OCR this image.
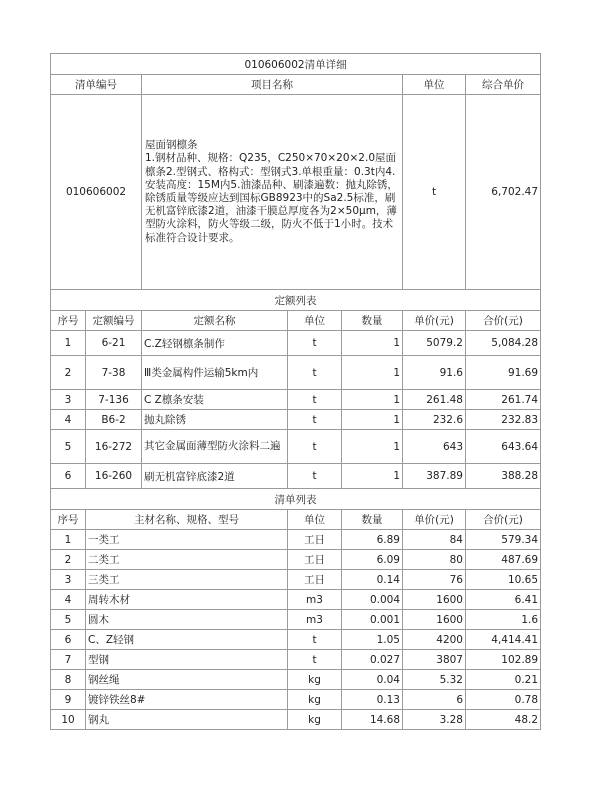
010606002清单详细						
清单编号		项目名称			单位	综合单价
010606002		屋面钢檩条
1.钢材品种、规格：Q235，C250×70×20×2.0屋面檩条2.型钢式、格构式：型钢式3.单根重量：0.3t内4.安装高度：15M内5.油漆品种、刷漆遍数：抛丸除锈，除锈质量等级应达到国标GB8923中的Sa2.5标准，刷无机富锌底漆2道，油漆干膜总厚度各为2×50μm，薄型防火涂料，防火等级二级，防火不低于1小时。技术标准符合设计要求。			t	6,702.47
定额列表						
序号	定额编号	定额名称	单位	数量	单价(元)	合价(元)
1	6-21	C.Z轻钢檩条制作	t	1	5079.2	5,084.28
2	7-38	Ⅲ类金属构件运输5km内	t	1	91.6	91.69
3	7-136	C Z檩条安装	t	1	261.48	261.74
4	B6-2	抛丸除锈	t	1	232.6	232.83
5	16-272	其它金属面薄型防火涂料二遍	t	1	643	643.64
6	16-260	刷无机富锌底漆2道	t	1	387.89	388.28
清单列表						
序号	主材名称、规格、型号		单位	数量	单价(元)	合价(元)
1	一类工		工日	6.89	84	579.34
2	二类工		工日	6.09	80	487.69
3	三类工		工日	0.14	76	10.65
4	周转木材		m3	0.004	1600	6.41
5	圆木		m3	0.001	1600	1.6
6	C、Z轻钢		t	1.05	4200	4,414.41
7	型钢		t	0.027	3807	102.89
8	钢丝绳		kg	0.04	5.32	0.21
9	镀锌铁丝8#		kg	0.13	6	0.78
10	钢丸		kg	14.68	3.28	48.2
